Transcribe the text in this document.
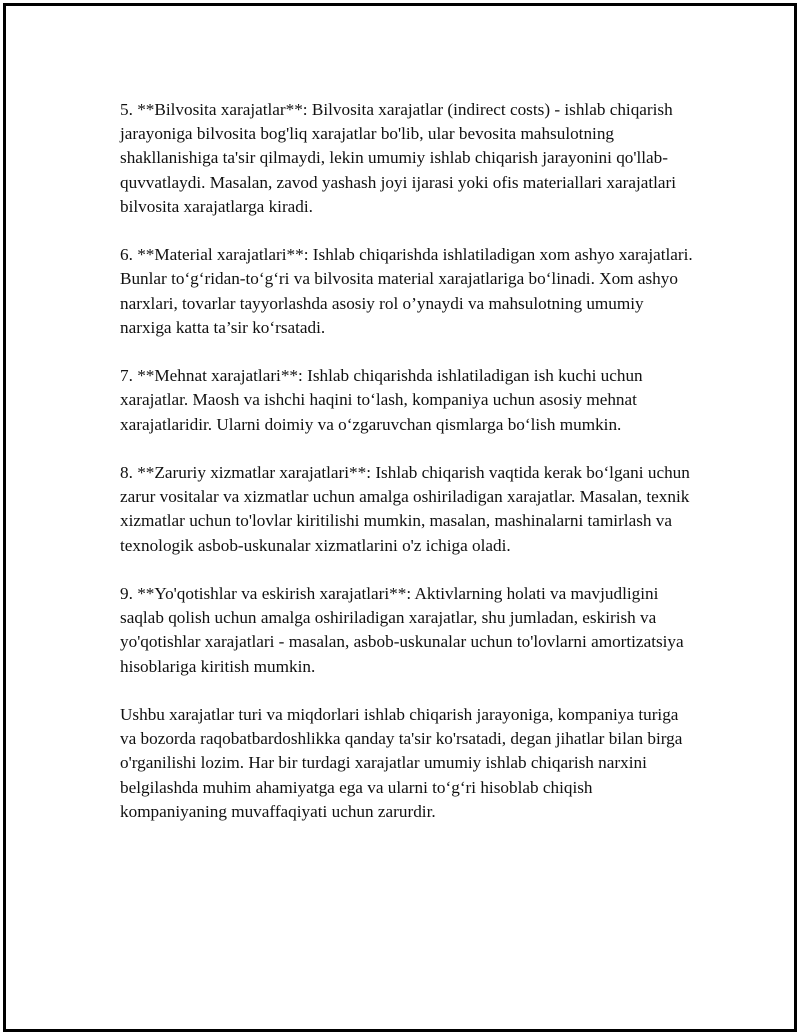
5. **Bilvosita xarajatlar**: Bilvosita xarajatlar (indirect costs) - ishlab chiqarish jarayoniga bilvosita bog'liq xarajatlar bo'lib, ular bevosita mahsulotning shakllanishiga ta'sir qilmaydi, lekin umumiy ishlab chiqarish jarayonini qo'llab-quvvatlaydi. Masalan, zavod yashash joyi ijarasi yoki ofis materiallari xarajatlari bilvosita xarajatlarga kiradi.

6. **Material xarajatlari**: Ishlab chiqarishda ishlatiladigan xom ashyo xarajatlari. Bunlar to‘g‘ridan-to‘g‘ri va bilvosita material xarajatlariga bo‘linadi. Xom ashyo narxlari, tovarlar tayyorlashda asosiy rol o’ynaydi va mahsulotning umumiy narxiga katta ta’sir ko‘rsatadi.

7. **Mehnat xarajatlari**: Ishlab chiqarishda ishlatiladigan ish kuchi uchun xarajatlar. Maosh va ishchi haqini to‘lash, kompaniya uchun asosiy mehnat xarajatlaridir. Ularni doimiy va o‘zgaruvchan qismlarga bo‘lish mumkin.

8. **Zaruriy xizmatlar xarajatlari**: Ishlab chiqarish vaqtida kerak bo‘lgani uchun zarur vositalar va xizmatlar uchun amalga oshiriladigan xarajatlar. Masalan, texnik xizmatlar uchun to'lovlar kiritilishi mumkin, masalan, mashinalarni tamirlash va texnologik asbob-uskunalar xizmatlarini o'z ichiga oladi.

9. **Yo'qotishlar va eskirish xarajatlari**: Aktivlarning holati va mavjudligini saqlab qolish uchun amalga oshiriladigan xarajatlar, shu jumladan, eskirish va yo'qotishlar xarajatlari - masalan, asbob-uskunalar uchun to'lovlarni amortizatsiya hisoblariga kiritish mumkin.

Ushbu xarajatlar turi va miqdorlari ishlab chiqarish jarayoniga, kompaniya turiga va bozorda raqobatbardoshlikka qanday ta'sir ko'rsatadi, degan jihatlar bilan birga o'rganilishi lozim. Har bir turdagi xarajatlar umumiy ishlab chiqarish narxini belgilashda muhim ahamiyatga ega va ularni to‘g‘ri hisoblab chiqish kompaniyaning muvaffaqiyati uchun zarurdir.
